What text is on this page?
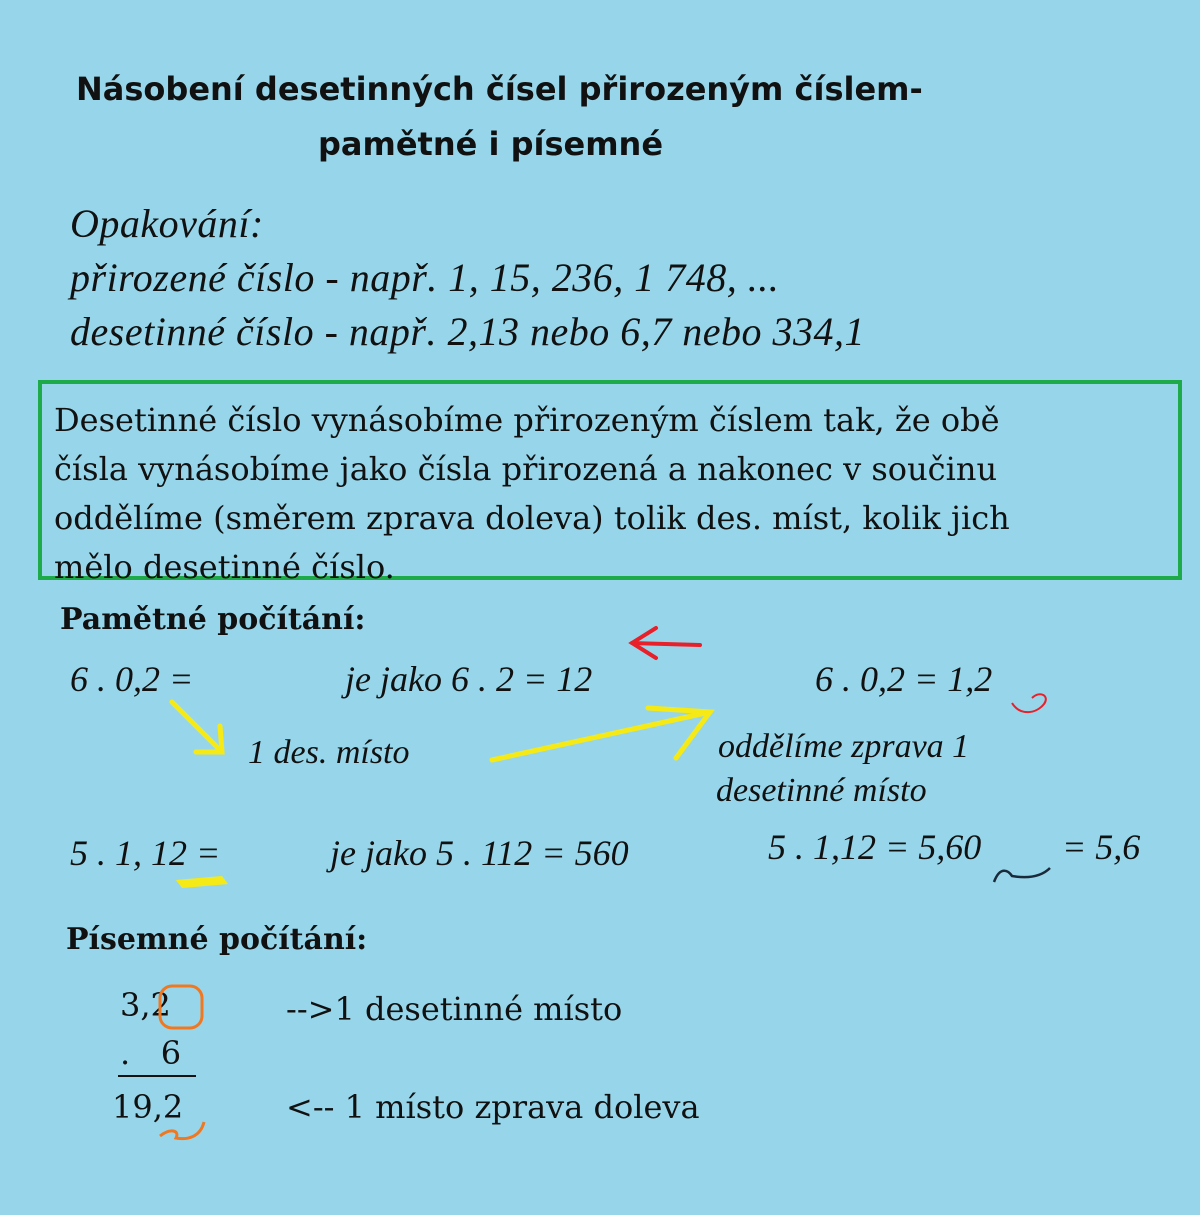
Násobení desetinných čísel přirozeným číslem-
pamětné i písemné
Opakování:
přirozené číslo - např. 1, 15, 236, 1 748, ...
desetinné číslo - např. 2,13 nebo 6,7 nebo 334,1
Desetinné číslo vynásobíme přirozeným číslem tak, že obě
čísla vynásobíme jako čísla přirozená a nakonec v součinu
oddělíme (směrem zprava doleva) tolik des. míst, kolik jich
mělo desetinné číslo.
Pamětné počítání:
6 . 0,2 =	je jako 6 . 2 = 12	6 . 0,2 = 1,2
1 des. místo	oddělíme zprava 1
desetinné místo
5 . 1, 12 =	je jako 5 . 112 = 560	5 . 1,12 = 5,60 = 5,6
Písemné počítání:
3,2
.   6
19,2
-->1 desetinné místo
<-- 1 místo zprava doleva
